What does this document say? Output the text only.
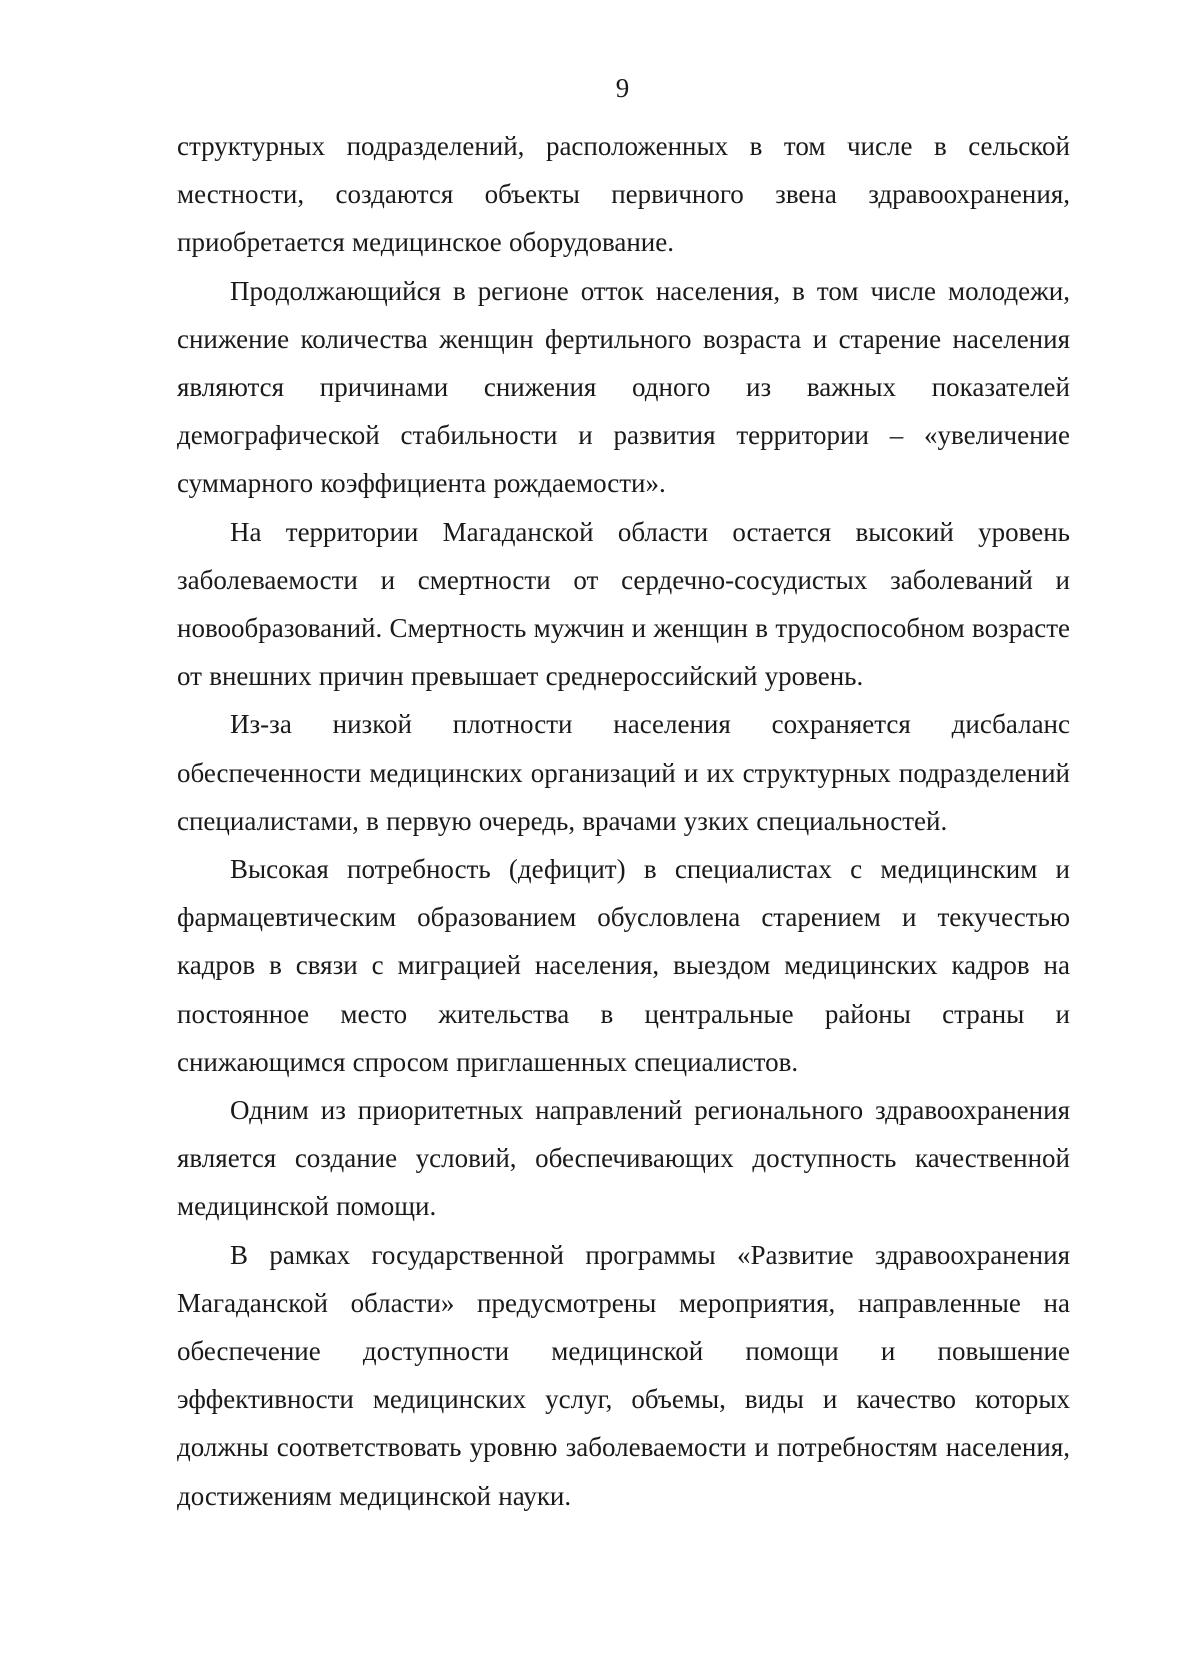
9

структурных подразделений, расположенных в том числе в сельской местности, создаются объекты первичного звена здравоохранения, приобретается медицинское оборудование.

Продолжающийся в регионе отток населения, в том числе молодежи, снижение количества женщин фертильного возраста и старение населения являются причинами снижения одного из важных показателей демографической стабильности и развития территории – «увеличение суммарного коэффициента рождаемости».

На территории Магаданской области остается высокий уровень заболеваемости и смертности от сердечно-сосудистых заболеваний и новообразований. Смертность мужчин и женщин в трудоспособном возрасте от внешних причин превышает среднероссийский уровень.

Из-за низкой плотности населения сохраняется дисбаланс обеспеченности медицинских организаций и их структурных подразделений специалистами, в первую очередь, врачами узких специальностей.

Высокая потребность (дефицит) в специалистах с медицинским и фармацевтическим образованием обусловлена старением и текучестью кадров в связи с миграцией населения, выездом медицинских кадров на постоянное место жительства в центральные районы страны и снижающимся спросом приглашенных специалистов.

Одним из приоритетных направлений регионального здравоохранения является создание условий, обеспечивающих доступность качественной медицинской помощи.

В рамках государственной программы «Развитие здравоохранения Магаданской области» предусмотрены мероприятия, направленные на обеспечение доступности медицинской помощи и повышение эффективности медицинских услуг, объемы, виды и качество которых должны соответствовать уровню заболеваемости и потребностям населения, достижениям медицинской науки.
